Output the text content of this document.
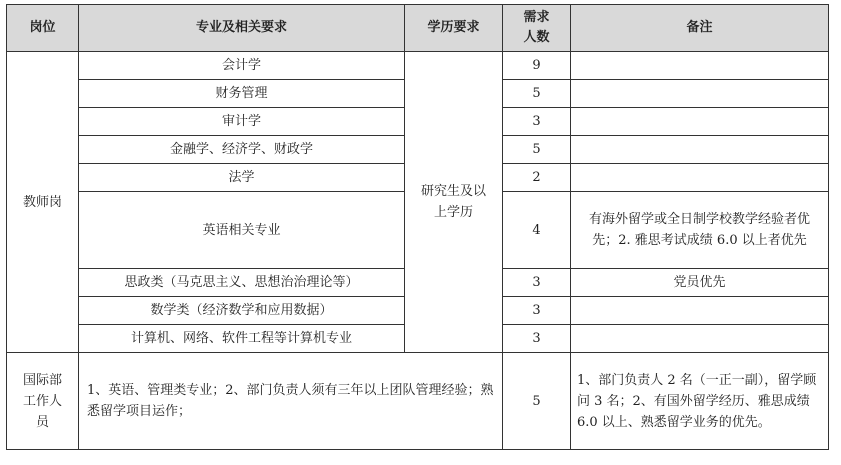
岗位	专业及相关要求	学历要求	需求人数	备注
教师岗	会计学	研究生及以上学历	9	
	财务管理		5	
	审计学		3	
	金融学、经济学、财政学		5	
	法学		2	
	英语相关专业		4	有海外留学或全日制学校教学经验者优先；2. 雅思考试成绩 6.0 以上者优先
	思政类（马克思主义、思想治治理论等）		3	党员优先
	数学类（经济数学和应用数据）		3	
	计算机、网络、软件工程等计算机专业		3	

国际部工作人员	1、英语、管理类专业；2、部门负责人须有三年以上团队管理经验；熟悉留学项目运作；		5	1、部门负责人 2 名（一正一副），留学顾问 3 名；2、有国外留学经历、雅思成绩 6.0 以上、熟悉留学业务的优先。
